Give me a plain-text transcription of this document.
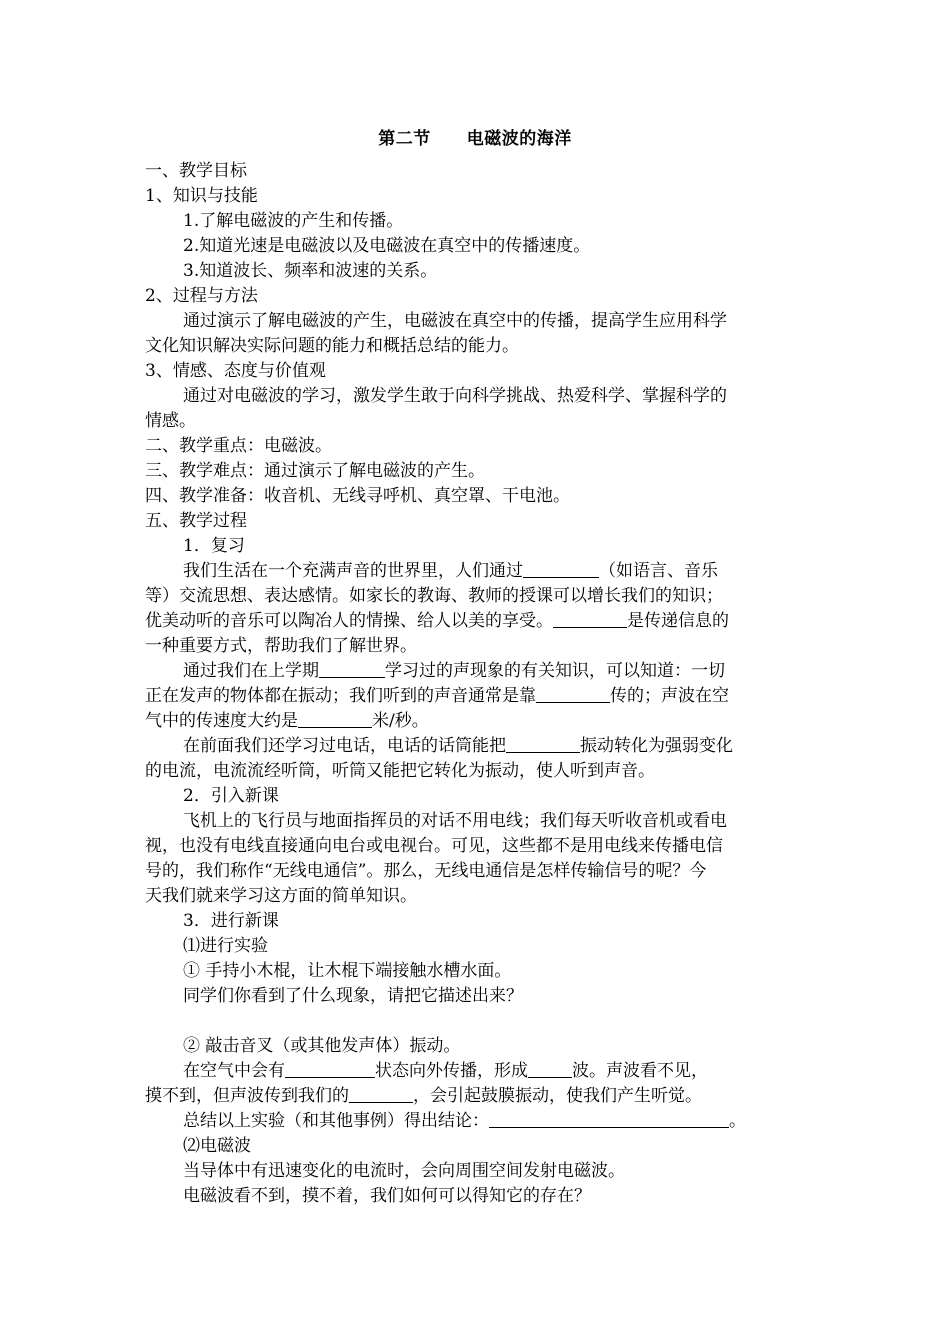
第二节 电磁波的海洋

一、教学目标

1、知识与技能

1.了解电磁波的产生和传播。

2.知道光速是电磁波以及电磁波在真空中的传播速度。

3.知道波长、频率和波速的关系。

2、过程与方法

通过演示了解电磁波的产生，电磁波在真空中的传播，提高学生应用科学

文化知识解决实际问题的能力和概括总结的能力。

3、情感、态度与价值观

通过对电磁波的学习，激发学生敢于向科学挑战、热爱科学、掌握科学的

情感。

二、教学重点：电磁波。

三、教学难点：通过演示了解电磁波的产生。

四、教学准备：收音机、无线寻呼机、真空罩、干电池。

五、教学过程

1．复习

我们生活在一个充满声音的世界里，人们通过	（如语言、音乐

等）交流思想、表达感情。如家长的教诲、教师的授课可以增长我们的知识；

优美动听的音乐可以陶冶人的情操、给人以美的享受。	是传递信息的

一种重要方式，帮助我们了解世界。

通过我们在上学期	学习过的声现象的有关知识，可以知道：一切

正在发声的物体都在振动；我们听到的声音通常是靠	传的；声波在空

气中的传速度大约是	米/秒。

在前面我们还学习过电话，电话的话筒能把	振动转化为强弱变化

的电流，电流流经听筒，听筒又能把它转化为振动，使人听到声音。

2．引入新课

飞机上的飞行员与地面指挥员的对话不用电线；我们每天听收音机或看电

视，也没有电线直接通向电台或电视台。可见，这些都不是用电线来传播电信

号的，我们称作“无线电通信”。那么，无线电通信是怎样传输信号的呢？今

天我们就来学习这方面的简单知识。

3．进行新课

⑴进行实验

① 手持小木棍，让木棍下端接触水槽水面。

同学们你看到了什么现象，请把它描述出来？

② 敲击音叉（或其他发声体）振动。

在空气中会有	状态向外传播，形成	波。声波看不见，

摸不到，但声波传到我们的	，会引起鼓膜振动，使我们产生听觉。

总结以上实验（和其他事例）得出结论：	。

⑵电磁波

当导体中有迅速变化的电流时，会向周围空间发射电磁波。

电磁波看不到，摸不着，我们如何可以得知它的存在？
